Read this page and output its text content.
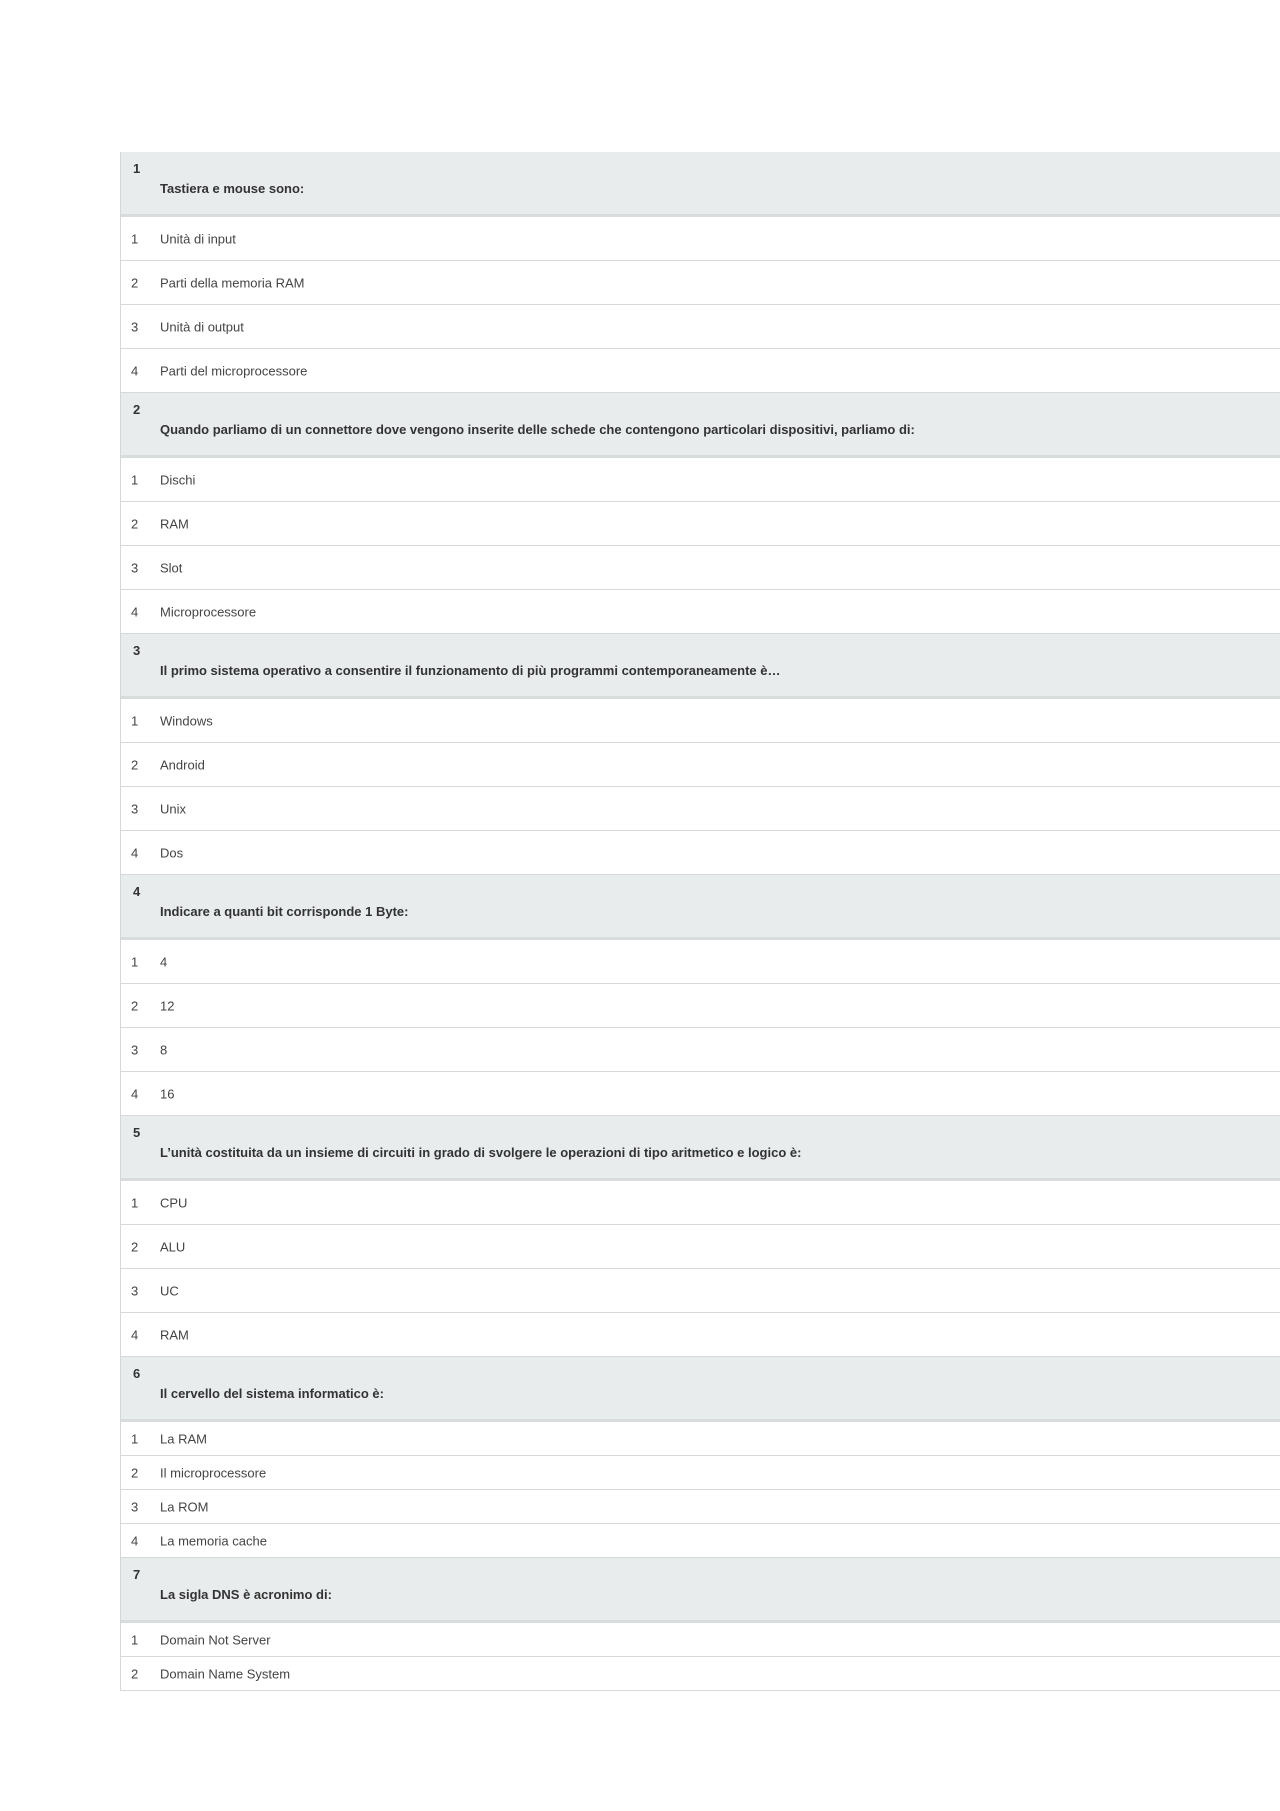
1
Tastiera e mouse sono:
1 Unità di input
2 Parti della memoria RAM
3 Unità di output
4 Parti del microprocessore
2
Quando parliamo di un connettore dove vengono inserite delle schede che contengono particolari dispositivi, parliamo di:
1 Dischi
2 RAM
3 Slot
4 Microprocessore
3
Il primo sistema operativo a consentire il funzionamento di più programmi contemporaneamente è…
1 Windows
2 Android
3 Unix
4 Dos
4
Indicare a quanti bit corrisponde 1 Byte:
1 4
2 12
3 8
4 16
5
L’unità costituita da un insieme di circuiti in grado di svolgere le operazioni di tipo aritmetico e logico è:
1 CPU
2 ALU
3 UC
4 RAM
6
Il cervello del sistema informatico è:
1 La RAM
2 Il microprocessore
3 La ROM
4 La memoria cache
7
La sigla DNS è acronimo di:
1 Domain Not Server
2 Domain Name System
